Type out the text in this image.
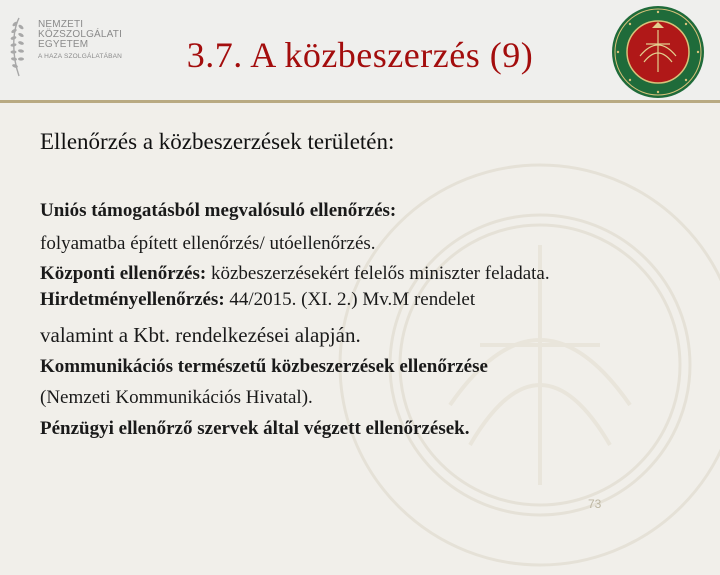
NEMZETI
KÖZSZOLGÁLATI
EGYETEM
A HAZA SZOLGÁLATÁBAN	3.7. A közbeszerzés (9)
Ellenőrzés a közbeszerzések területén:
Uniós támogatásból megvalósuló ellenőrzés:
folyamatba épített ellenőrzés/ utóellenőrzés.
Központi ellenőrzés: közbeszerzésekért felelős miniszter feladata.
Hirdetményellenőrzés: 44/2015. (XI. 2.) Mv.M rendelet
valamint a Kbt. rendelkezései alapján.
Kommunikációs természetű közbeszerzések ellenőrzése
(Nemzeti Kommunikációs Hivatal).
Pénzügyi ellenőrző szervek által végzett ellenőrzések.
73
